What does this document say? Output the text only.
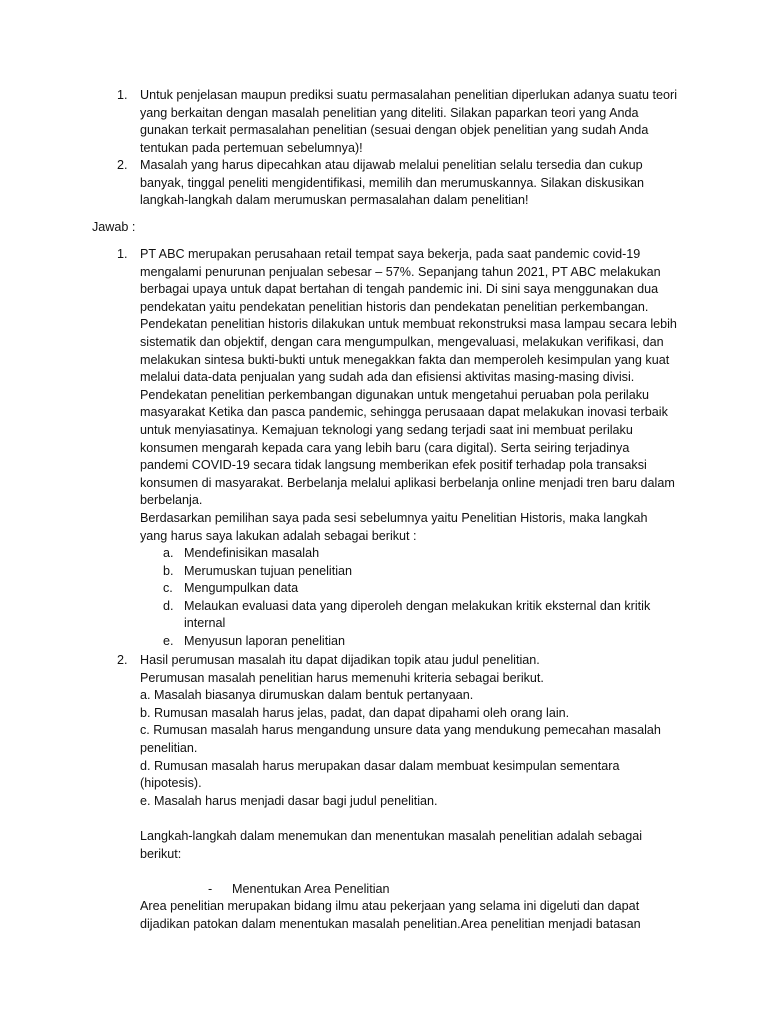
1. Untuk penjelasan maupun prediksi suatu permasalahan penelitian diperlukan adanya suatu teori yang berkaitan dengan masalah penelitian yang diteliti. Silakan paparkan teori yang Anda gunakan terkait permasalahan penelitian (sesuai dengan objek penelitian yang sudah Anda tentukan pada pertemuan sebelumnya)!
2. Masalah yang harus dipecahkan atau dijawab melalui penelitian selalu tersedia dan cukup banyak, tinggal peneliti mengidentifikasi, memilih dan merumuskannya. Silakan diskusikan langkah-langkah dalam merumuskan permasalahan dalam penelitian!
Jawab :
1. PT ABC merupakan perusahaan retail tempat saya bekerja, pada saat pandemic covid-19 mengalami penurunan penjualan sebesar – 57%. Sepanjang tahun 2021, PT ABC melakukan berbagai upaya untuk dapat bertahan di tengah pandemic ini. Di sini saya menggunakan dua pendekatan yaitu pendekatan penelitian historis dan pendekatan penelitian perkembangan. Pendekatan penelitian historis dilakukan untuk membuat rekonstruksi masa lampau secara lebih sistematik dan objektif, dengan cara mengumpulkan, mengevaluasi, melakukan verifikasi, dan melakukan sintesa bukti-bukti untuk menegakkan fakta dan memperoleh kesimpulan yang kuat melalui data-data penjualan yang sudah ada dan efisiensi aktivitas masing-masing divisi. Pendekatan penelitian perkembangan digunakan untuk mengetahui peruaban pola perilaku masyarakat Ketika dan pasca pandemic, sehingga perusaaan dapat melakukan inovasi terbaik untuk menyiasatinya. Kemajuan teknologi yang sedang terjadi saat ini membuat perilaku konsumen mengarah kepada cara yang lebih baru (cara digital). Serta seiring terjadinya pandemi COVID-19 secara tidak langsung memberikan efek positif terhadap pola transaksi konsumen di masyarakat. Berbelanja melalui aplikasi berbelanja online menjadi tren baru dalam berbelanja.

Berdasarkan pemilihan saya pada sesi sebelumnya yaitu Penelitian Historis, maka langkah yang harus saya lakukan adalah sebagai berikut :

a. Mendefinisikan masalah
b. Merumuskan tujuan penelitian
c. Mengumpulkan data
d. Melaukan evaluasi data yang diperoleh dengan melakukan kritik eksternal dan kritik internal
e. Menyusun laporan penelitian
2. Hasil perumusan masalah itu dapat dijadikan topik atau judul penelitian.

Perumusan masalah penelitian harus memenuhi kriteria sebagai berikut.

a. Masalah biasanya dirumuskan dalam bentuk pertanyaan.

b. Rumusan masalah harus jelas, padat, dan dapat dipahami oleh orang lain.

c. Rumusan masalah harus mengandung unsure data yang mendukung pemecahan masalah penelitian.

d. Rumusan masalah harus merupakan dasar dalam membuat kesimpulan sementara (hipotesis).

e. Masalah harus menjadi dasar bagi judul penelitian.

Langkah-langkah dalam menemukan dan menentukan masalah penelitian adalah sebagai berikut:

- Menentukan Area Penelitian

Area penelitian merupakan bidang ilmu atau pekerjaan yang selama ini digeluti dan dapat dijadikan patokan dalam menentukan masalah penelitian.Area penelitian menjadi batasan
